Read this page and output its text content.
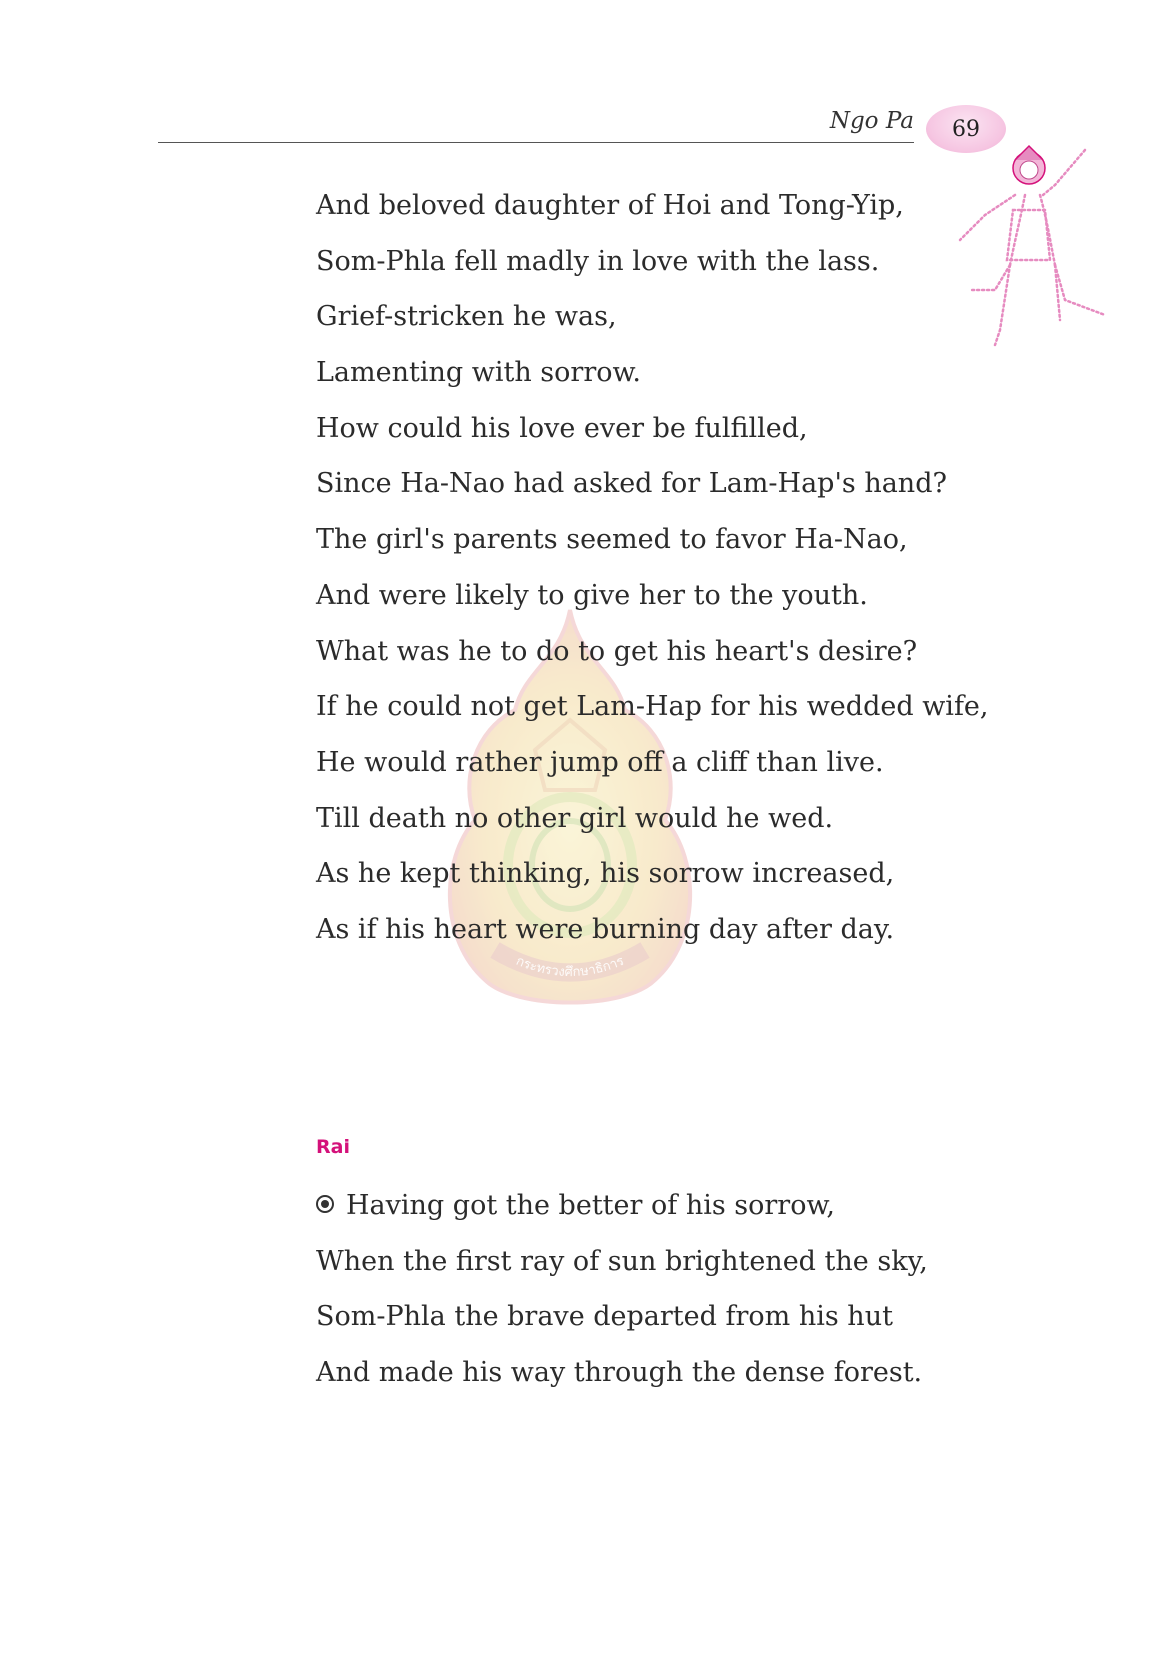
Ngo Pa 69
กระทรวงศึกษาธิการ
And beloved daughter of Hoi and Tong-Yip,
Som-Phla fell madly in love with the lass.
Grief-stricken he was,
Lamenting with sorrow.
How could his love ever be fulfilled,
Since Ha-Nao had asked for Lam-Hap's hand?
The girl's parents seemed to favor Ha-Nao,
And were likely to give her to the youth.
What was he to do to get his heart's desire?
If he could not get Lam-Hap for his wedded wife,
He would rather jump off a cliff than live.
Till death no other girl would he wed.
As he kept thinking, his sorrow increased,
As if his heart were burning day after day.
Rai
Having got the better of his sorrow,
When the first ray of sun brightened the sky,
Som-Phla the brave departed from his hut
And made his way through the dense forest.
